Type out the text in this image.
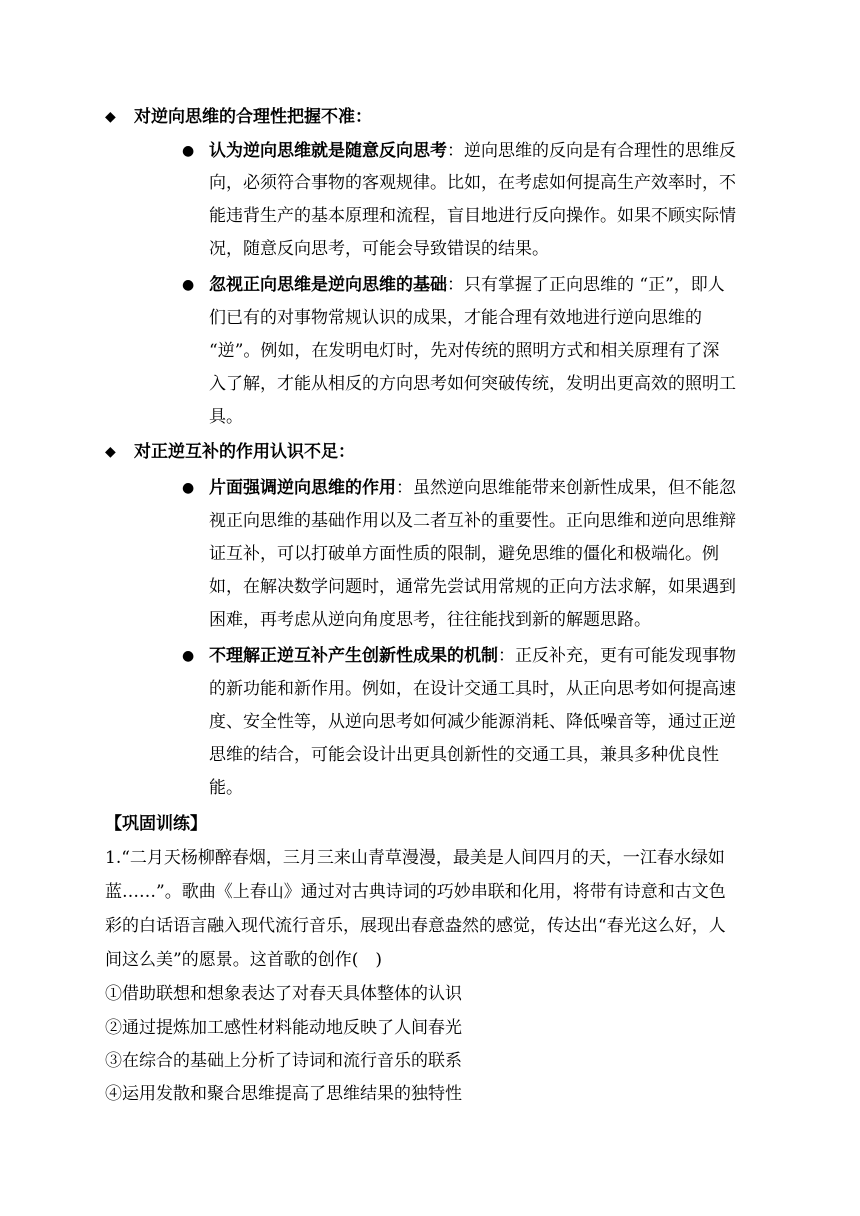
◆ 对逆向思维的合理性把握不准：
● 认为逆向思维就是随意反向思考：逆向思维的反向是有合理性的思维反
向，必须符合事物的客观规律。比如，在考虑如何提高生产效率时，不
能违背生产的基本原理和流程，盲目地进行反向操作。如果不顾实际情
况，随意反向思考，可能会导致错误的结果。
● 忽视正向思维是逆向思维的基础：只有掌握了正向思维的 “正”，即人
们已有的对事物常规认识的成果，才能合理有效地进行逆向思维的
“逆”。例如，在发明电灯时，先对传统的照明方式和相关原理有了深
入了解，才能从相反的方向思考如何突破传统，发明出更高效的照明工
具。
◆ 对正逆互补的作用认识不足：
● 片面强调逆向思维的作用：虽然逆向思维能带来创新性成果，但不能忽
视正向思维的基础作用以及二者互补的重要性。正向思维和逆向思维辩
证互补，可以打破单方面性质的限制，避免思维的僵化和极端化。例
如，在解决数学问题时，通常先尝试用常规的正向方法求解，如果遇到
困难，再考虑从逆向角度思考，往往能找到新的解题思路。
● 不理解正逆互补产生创新性成果的机制：正反补充，更有可能发现事物
的新功能和新作用。例如，在设计交通工具时，从正向思考如何提高速
度、安全性等，从逆向思考如何减少能源消耗、降低噪音等，通过正逆
思维的结合，可能会设计出更具创新性的交通工具，兼具多种优良性
能。
【巩固训练】
1.“二月天杨柳醉春烟，三月三来山青草漫漫，最美是人间四月的天，一江春水绿如
蓝……”。歌曲《上春山》通过对古典诗词的巧妙串联和化用，将带有诗意和古文色
彩的白话语言融入现代流行音乐，展现出春意盎然的感觉，传达出“春光这么好，人
间这么美”的愿景。这首歌的创作(　)
①借助联想和想象表达了对春天具体整体的认识
②通过提炼加工感性材料能动地反映了人间春光
③在综合的基础上分析了诗词和流行音乐的联系
④运用发散和聚合思维提高了思维结果的独特性
